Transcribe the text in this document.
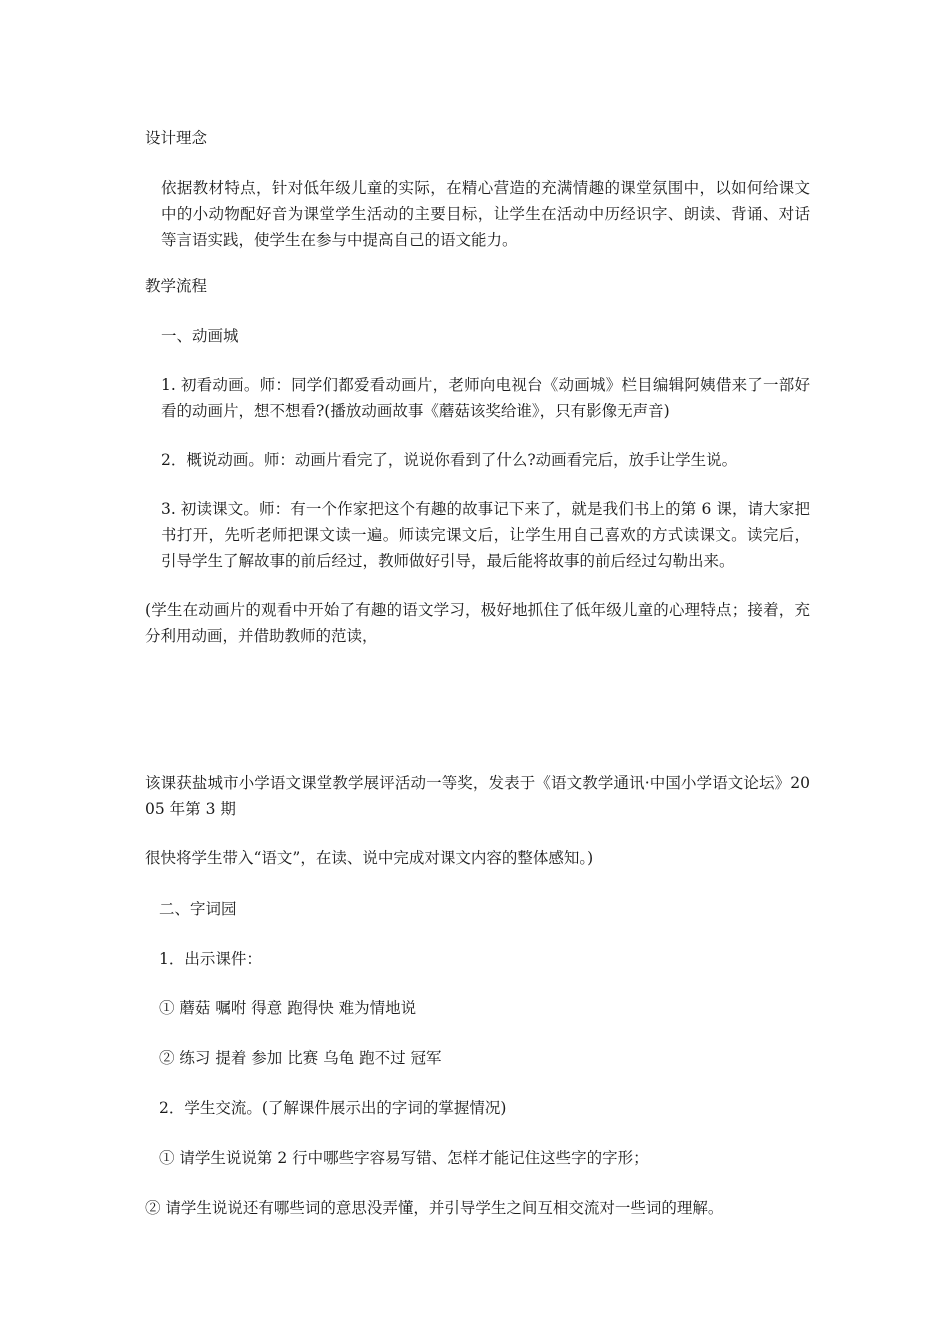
设计理念

依据教材特点，针对低年级儿童的实际，在精心营造的充满情趣的课堂氛围中，以如何给课文中的小动物配好音为课堂学生活动的主要目标，让学生在活动中历经识字、朗读、背诵、对话等言语实践，使学生在参与中提高自己的语文能力。

教学流程

一、动画城

1. 初看动画。师：同学们都爱看动画片，老师向电视台《动画城》栏目编辑阿姨借来了一部好看的动画片，想不想看?(播放动画故事《蘑菇该奖给谁》，只有影像无声音)

2．概说动画。师：动画片看完了，说说你看到了什么?动画看完后，放手让学生说。

3. 初读课文。师：有一个作家把这个有趣的故事记下来了，就是我们书上的第 6 课，请大家把书打开，先听老师把课文读一遍。师读完课文后，让学生用自己喜欢的方式读课文。读完后，引导学生了解故事的前后经过，教师做好引导，最后能将故事的前后经过勾勒出来。

(学生在动画片的观看中开始了有趣的语文学习，极好地抓住了低年级儿童的心理特点；接着，充分利用动画，并借助教师的范读，

该课获盐城市小学语文课堂教学展评活动一等奖，发表于《语文教学通讯·中国小学语文论坛》2005 年第 3 期

很快将学生带入“语文”，在读、说中完成对课文内容的整体感知。)

二、字词园

1．出示课件：

① 蘑菇 嘱咐 得意 跑得快 难为情地说

② 练习 提着 参加 比赛 乌龟 跑不过 冠军

2．学生交流。(了解课件展示出的字词的掌握情况)

① 请学生说说第 2 行中哪些字容易写错、怎样才能记住这些字的字形；

② 请学生说说还有哪些词的意思没弄懂，并引导学生之间互相交流对一些词的理解。
